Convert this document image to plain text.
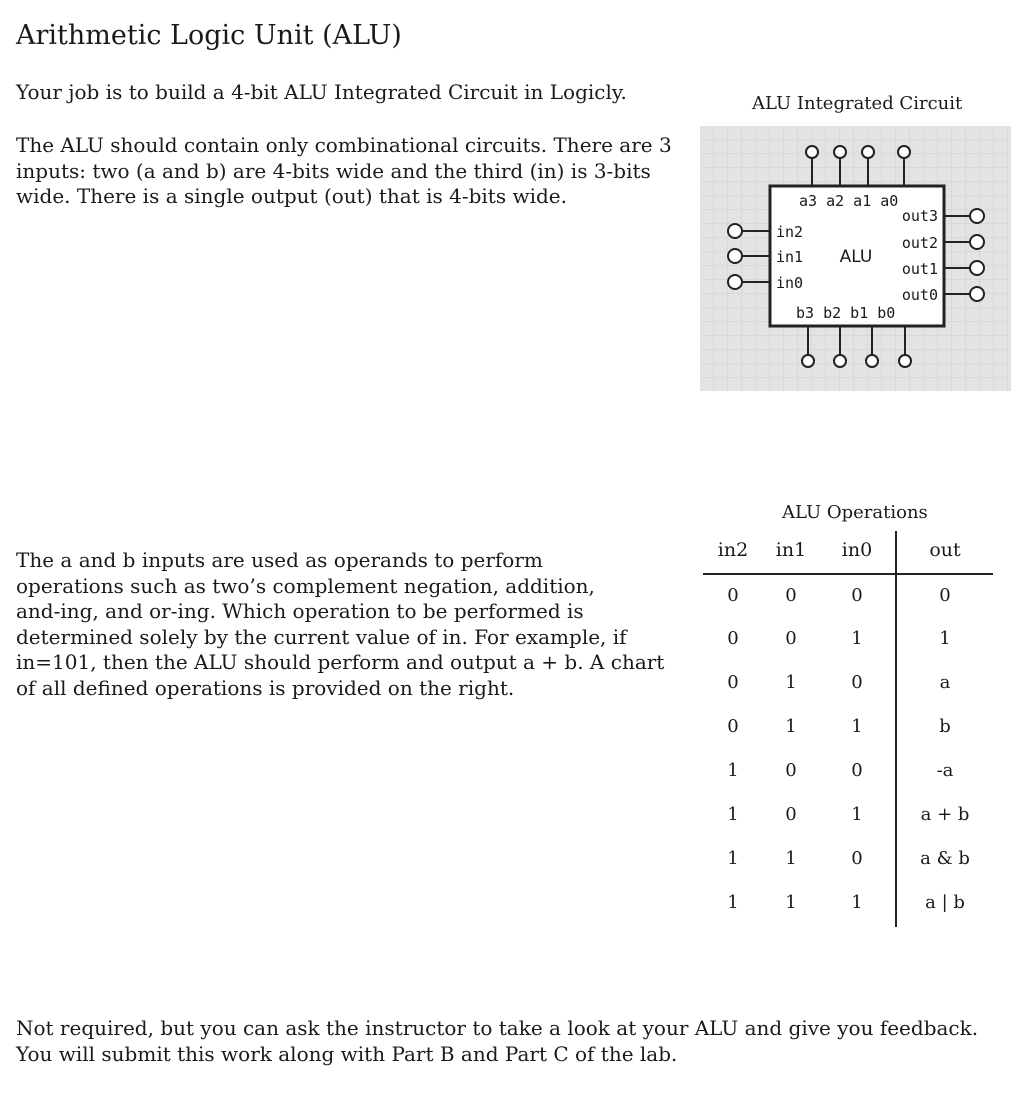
Arithmetic Logic Unit (ALU)

Your job is to build a 4-bit ALU Integrated Circuit in Logicly.

The ALU should contain only combinational circuits. There are 3
inputs: two (a and b) are 4-bits wide and the third (in) is 3-bits
wide. There is a single output (out) that is 4-bits wide.

The a and b inputs are used as operands to perform
operations such as two’s complement negation, addition,
and-ing, and or-ing. Which operation to be performed is
determined solely by the current value of in. For example, if
in=101, then the ALU should perform and output a + b. A chart
of all defined operations is provided on the right.

Not required, but you can ask the instructor to take a look at your ALU and give you feedback.
You will submit this work along with Part B and Part C of the lab.

ALU Integrated Circuit

a3 a2 a1 a0
b3 b2 b1 b0
in2
in1
in0
out3
out2
out1
out0
ALU

ALU Operations

in2	in1	in0	out
0	0	0	0
0	0	1	1
0	1	0	a
0	1	1	b
1	0	0	-a
1	0	1	a + b
1	1	0	a & b
1	1	1	a | b
